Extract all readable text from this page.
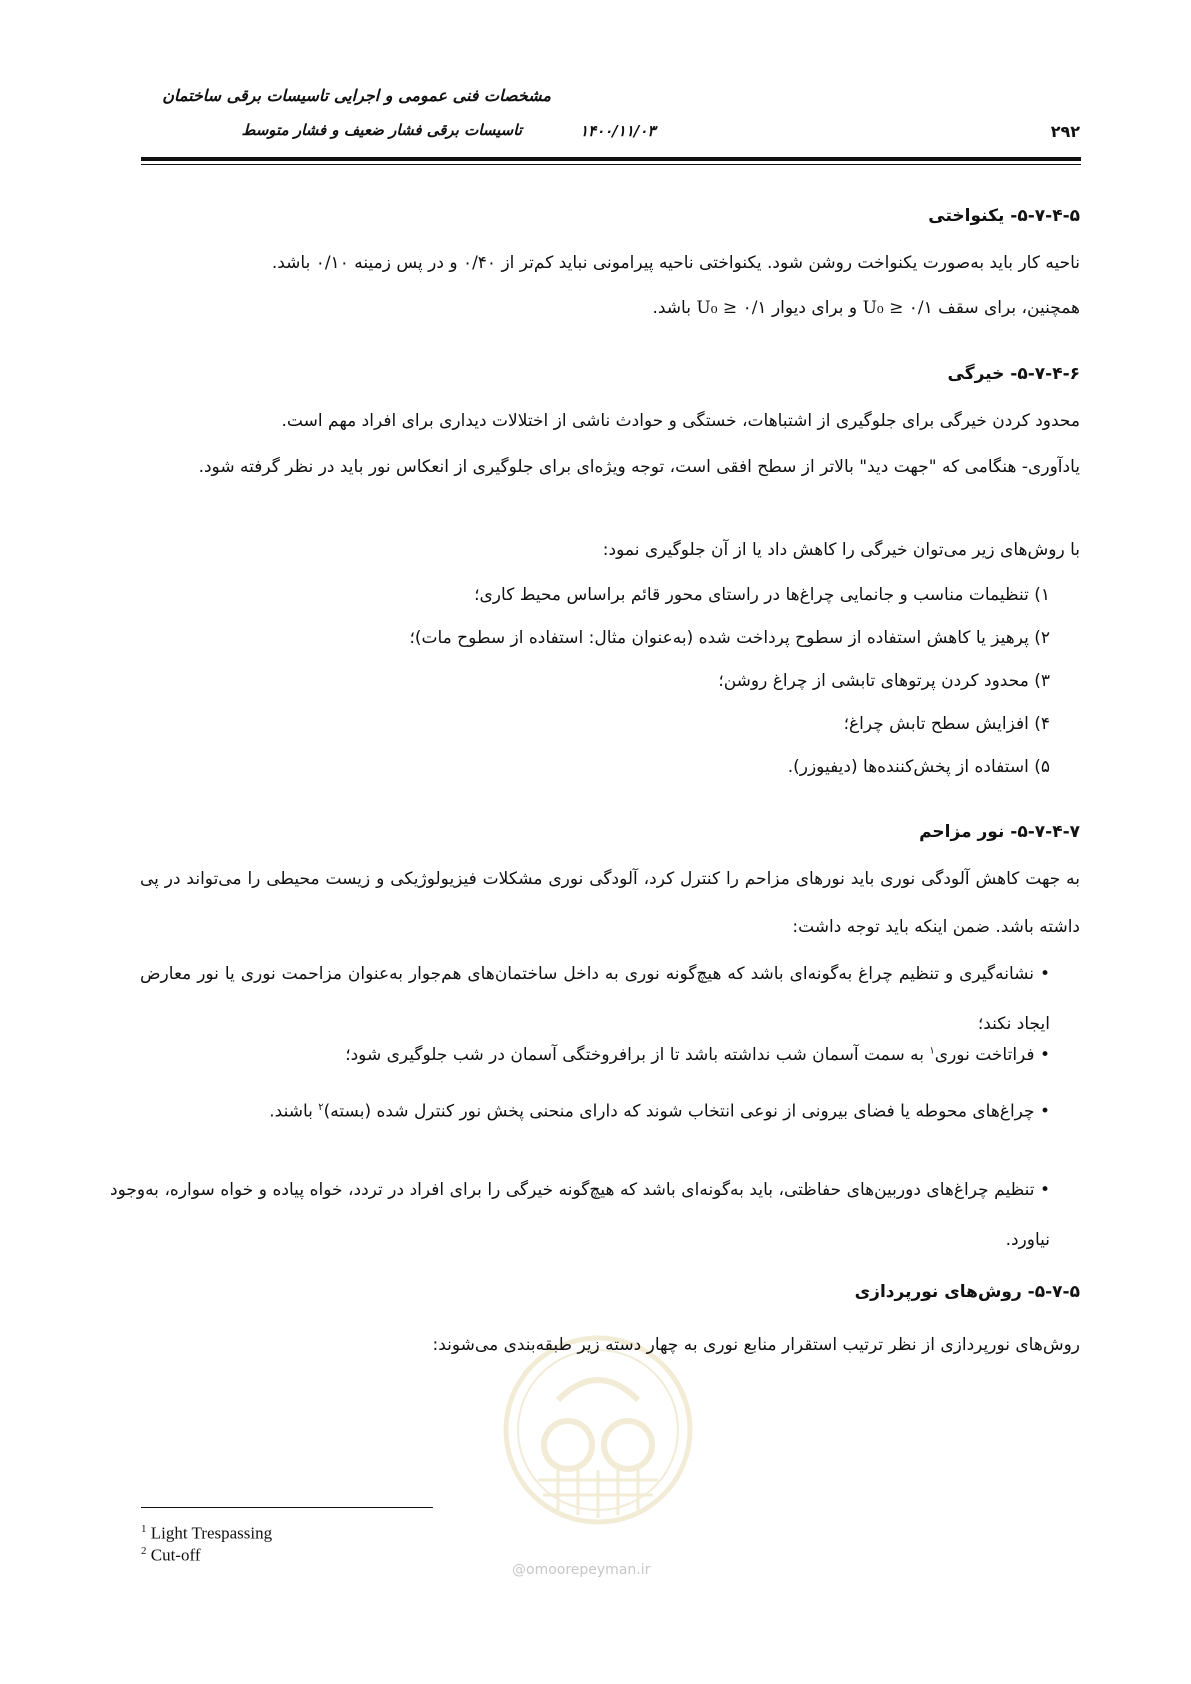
مشخصات فنی عمومی و اجرایی تاسیسات برقی ساختمان
تاسیسات برقی فشار ضعیف و فشار متوسط	۱۴۰۰/۱۱/۰۳	۲۹۲
۵-۷-۴-۵- یکنواختی
ناحیه کار باید به‌صورت یکنواخت روشن شود. یکنواختی ناحیه پیرامونی نباید کم‌تر از ۰/۴۰ و در پس زمینه ۰/۱۰ باشد.
همچنین، برای سقف U₀ ≥ ۰/۱ و برای دیوار U₀ ≥ ۰/۱ باشد.
۵-۷-۴-۶- خیرگی
محدود کردن خیرگی برای جلوگیری از اشتباهات، خستگی و حوادث ناشی از اختلالات دیداری برای افراد مهم است.
یادآوری- هنگامی که "جهت دید" بالاتر از سطح افقی است، توجه ویژه‌ای برای جلوگیری از انعکاس نور باید در نظر گرفته شود.
با روش‌های زیر می‌توان خیرگی را کاهش داد یا از آن جلوگیری نمود:
۱) تنظیمات مناسب و جانمایی چراغ‌ها در راستای محور قائم براساس محیط کاری؛
۲) پرهیز یا کاهش استفاده از سطوح پرداخت شده (به‌عنوان مثال: استفاده از سطوح مات)؛
۳) محدود کردن پرتوهای تابشی از چراغ روشن؛
۴) افزایش سطح تابش چراغ؛
۵) استفاده از پخش‌کننده‌ها (دیفیوزر).
۵-۷-۴-۷- نور مزاحم
به جهت کاهش آلودگی نوری باید نورهای مزاحم را کنترل کرد، آلودگی نوری مشکلات فیزیولوژیکی و زیست محیطی را می‌تواند در پی داشته باشد. ضمن اینکه باید توجه داشت:
• نشانه‌گیری و تنظیم چراغ به‌گونه‌ای باشد که هیچ‌گونه نوری به داخل ساختمان‌های هم‌جوار به‌عنوان مزاحمت نوری یا نور معارض ایجاد نکند؛
• فراتاخت نوری$^۱$ به سمت آسمان شب نداشته باشد تا از برافروختگی آسمان در شب جلوگیری شود؛
• چراغ‌های محوطه یا فضای بیرونی از نوعی انتخاب شوند که دارای منحنی پخش نور کنترل شده (بسته)$^۲$ باشند.
• تنظیم چراغ‌های دوربین‌های حفاظتی، باید به‌گونه‌ای باشد که هیچ‌گونه خیرگی را برای افراد در تردد، خواه پیاده و خواه سواره، به‌وجود نیاورد.
@omoorepeyman.ir
۵-۷-۵- روش‌های نورپردازی
روش‌های نورپردازی از نظر ترتیب استقرار منابع نوری به چهار دسته زیر طبقه‌بندی می‌شوند:
$^1$ Light Trespassing
$^2$ Cut-off
